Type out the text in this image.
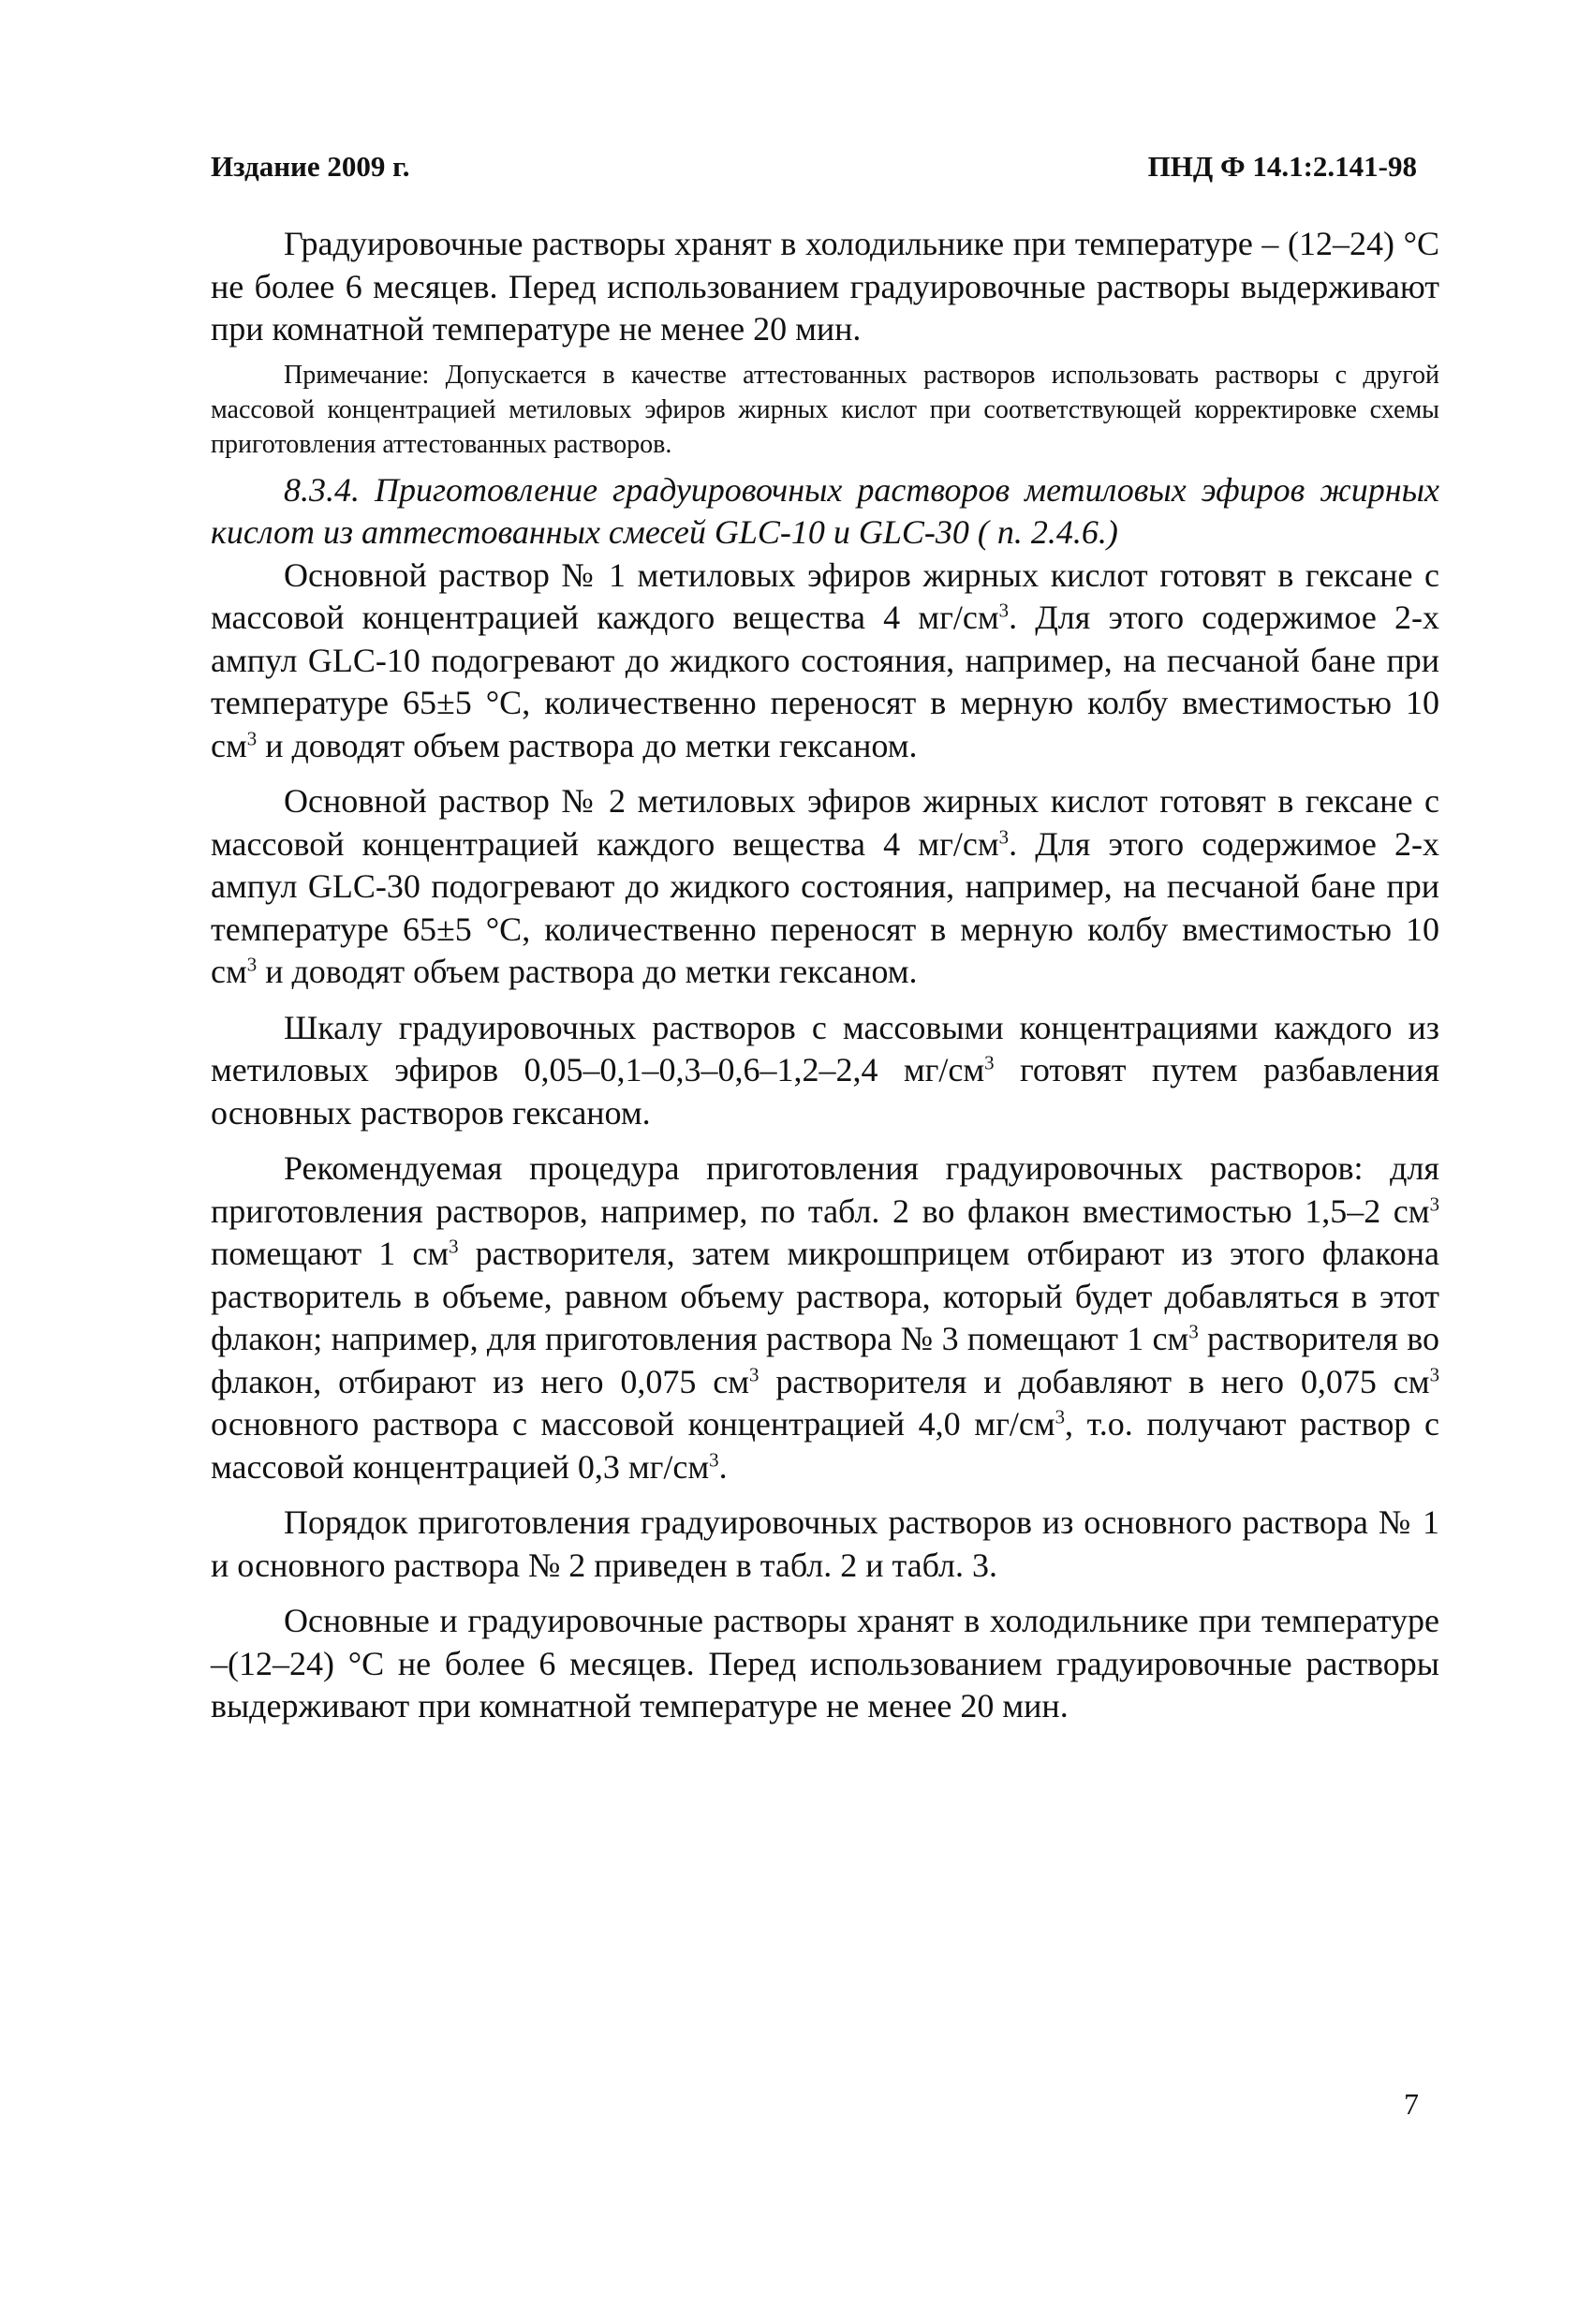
Издание 2009 г.	ПНД Ф 14.1:2.141-98

Градуировочные растворы хранят в холодильнике при температуре – (12–24) °С не более 6 месяцев. Перед использованием градуировочные растворы выдерживают при комнатной температуре не менее 20 мин.

Примечание: Допускается в качестве аттестованных растворов использовать растворы с другой массовой концентрацией метиловых эфиров жирных кислот при соответствующей корректировке схемы приготовления аттестованных растворов.

8.3.4. Приготовление градуировочных растворов метиловых эфиров жирных кислот из аттестованных смесей GLC-10 и GLC-30 ( п. 2.4.6.)

Основной раствор № 1 метиловых эфиров жирных кислот готовят в гексане с массовой концентрацией каждого вещества 4 $мг/см^3$. Для этого содержимое 2-х ампул GLC-10 подогревают до жидкого состояния, например, на песчаной бане при температуре 65±5 °С, количественно переносят в мерную колбу вместимостью 10 $см^3$ и доводят объем раствора до метки гексаном.

Основной раствор № 2 метиловых эфиров жирных кислот готовят в гексане с массовой концентрацией каждого вещества 4 $мг/см^3$. Для этого содержимое 2-х ампул GLC-30 подогревают до жидкого состояния, например, на песчаной бане при температуре 65±5 °С, количественно переносят в мерную колбу вместимостью 10 $см^3$ и доводят объем раствора до метки гексаном.

Шкалу градуировочных растворов с массовыми концентрациями каждого из метиловых эфиров 0,05–0,1–0,3–0,6–1,2–2,4 $мг/см^3$ готовят путем разбавления основных растворов гексаном.

Рекомендуемая процедура приготовления градуировочных растворов: для приготовления растворов, например, по табл. 2 во флакон вместимостью 1,5–2 $см^3$ помещают 1 $см^3$ растворителя, затем микрошприцем отбирают из этого флакона растворитель в объеме, равном объему раствора, который будет добавляться в этот флакон; например, для приготовления раствора № 3 помещают 1 $см^3$ растворителя во флакон, отбирают из него 0,075 $см^3$ растворителя и добавляют в него 0,075 $см^3$ основного раствора с массовой концентрацией 4,0 $мг/см^3$, т.о. получают раствор с массовой концентрацией 0,3 $мг/см^3$.

Порядок приготовления градуировочных растворов из основного раствора № 1 и основного раствора № 2 приведен в табл. 2 и табл. 3.

Основные и градуировочные растворы хранят в холодильнике при температуре –(12–24) °С не более 6 месяцев. Перед использованием градуировочные растворы выдерживают при комнатной температуре не менее 20 мин.

7
